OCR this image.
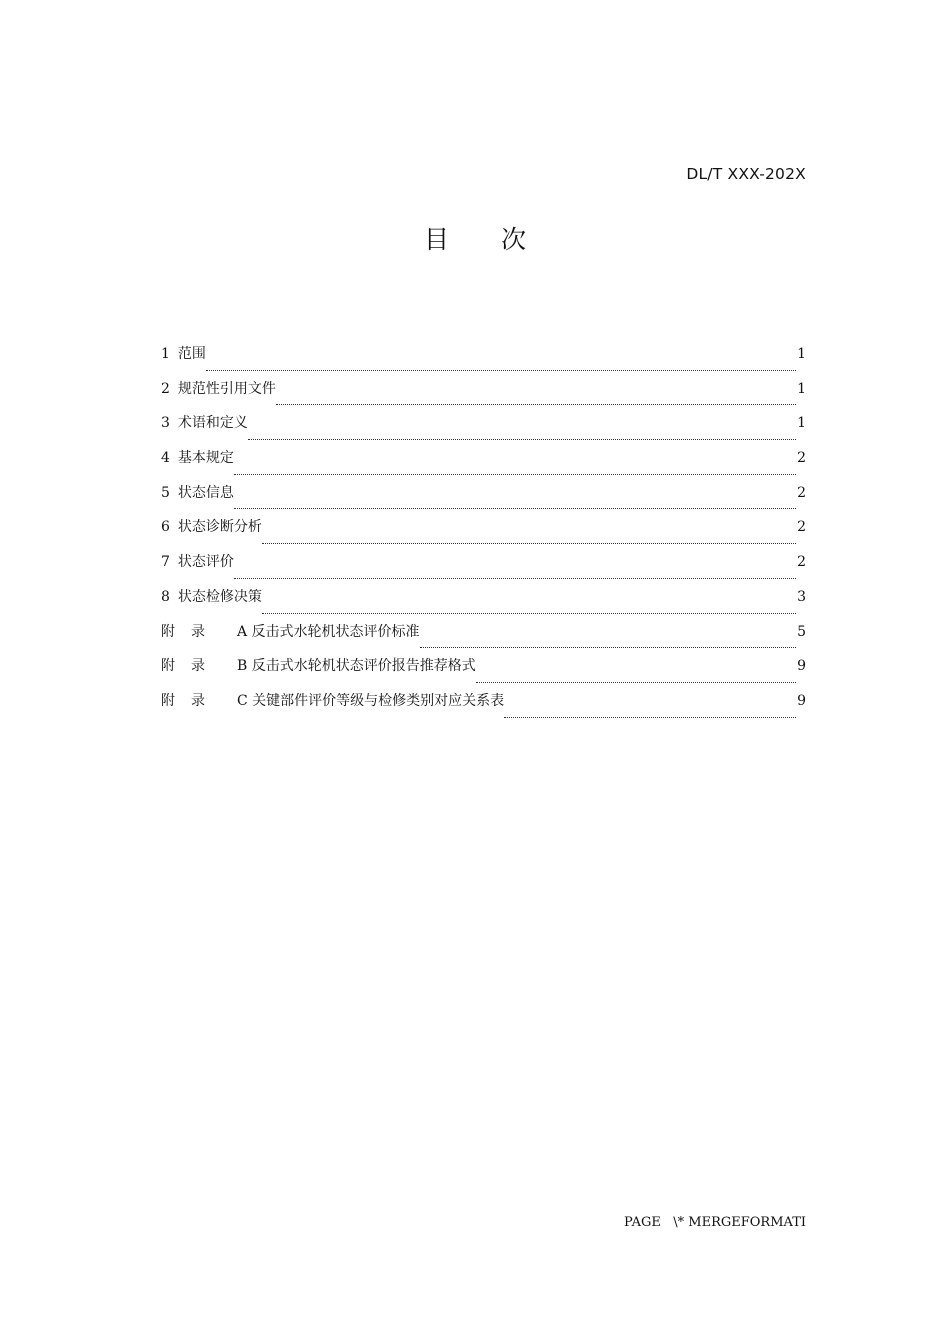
DL/T XXX-202X
目 次
1 范围	1
2 规范性引用文件	1
3 术语和定义	1
4 基本规定	2
5 状态信息	2
6 状态诊断分析	2
7 状态评价	2
8 状态检修决策	3
附录 A 反击式水轮机状态评价标准	5
附录 B 反击式水轮机状态评价报告推荐格式	9
附录 C 关键部件评价等级与检修类别对应关系表	9
PAGE   \* MERGEFORMATI
